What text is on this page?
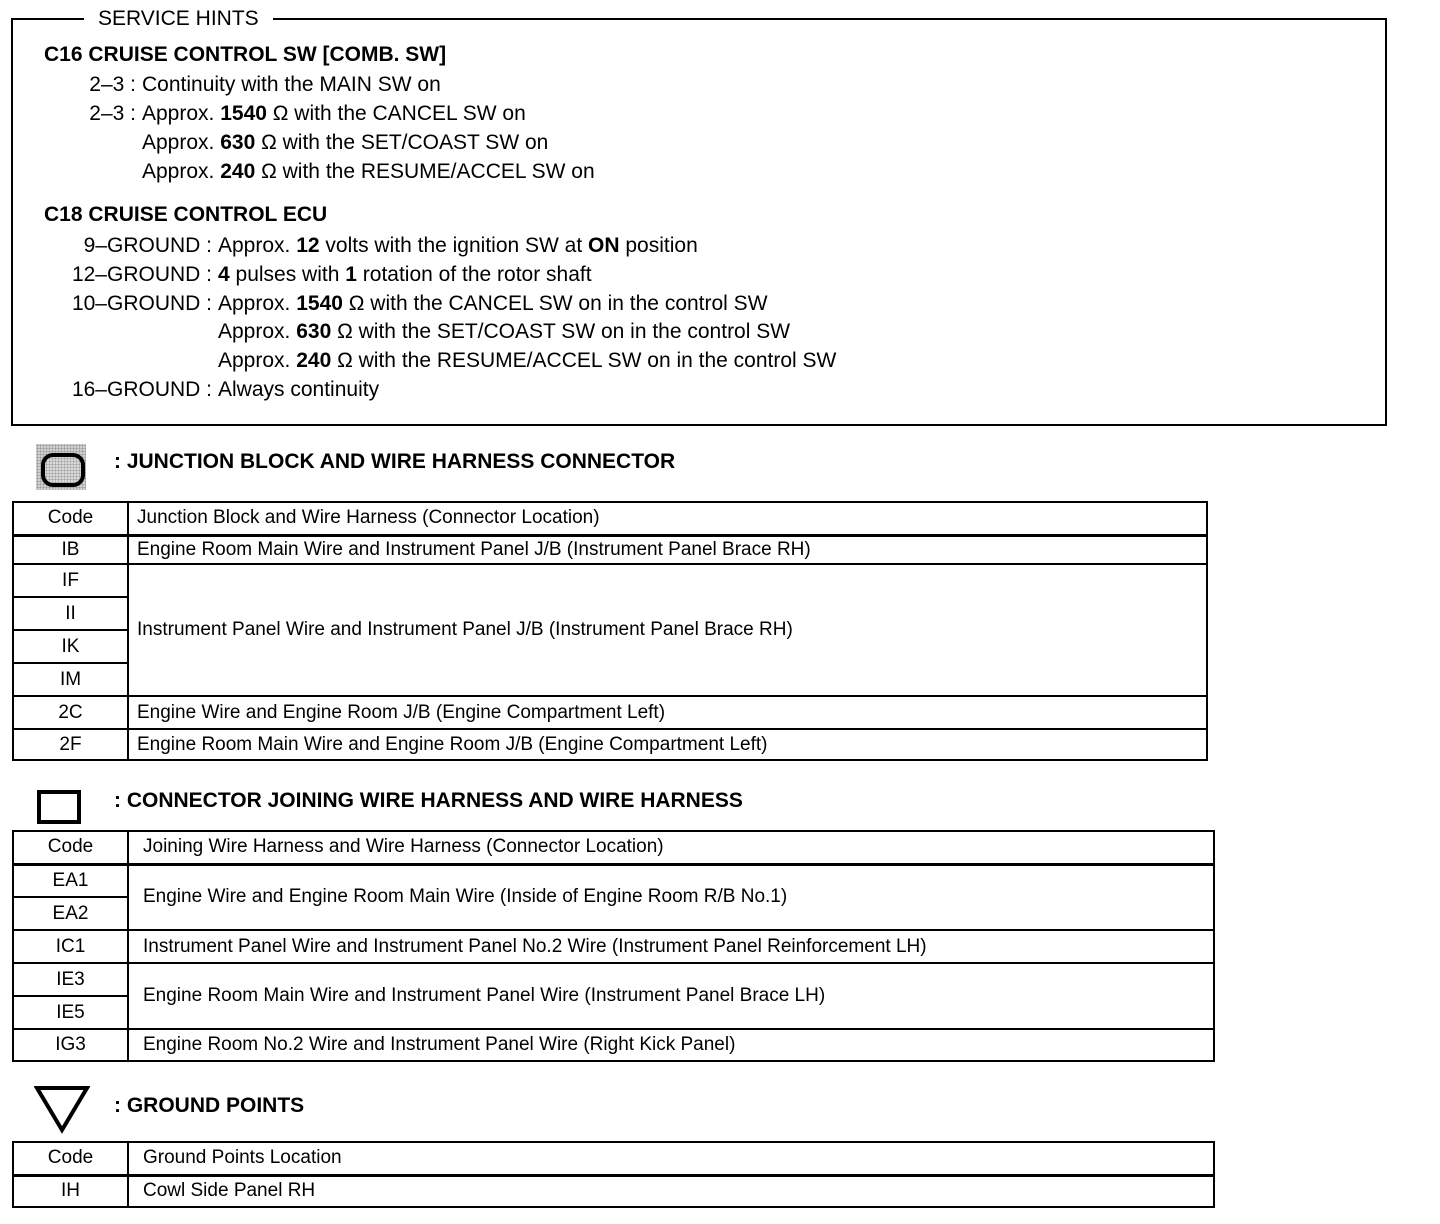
SERVICE HINTS
C16 CRUISE CONTROL SW [COMB. SW]
2–3 : Continuity with the MAIN SW on
2–3 : Approx. 1540 Ω with the CANCEL SW on
Approx. 630 Ω with the SET/COAST SW on
Approx. 240 Ω with the RESUME/ACCEL SW on
C18 CRUISE CONTROL ECU
9–GROUND : Approx. 12 volts with the ignition SW at ON position
12–GROUND : 4 pulses with 1 rotation of the rotor shaft
10–GROUND : Approx. 1540 Ω with the CANCEL SW on in the control SW
Approx. 630 Ω with the SET/COAST SW on in the control SW
Approx. 240 Ω with the RESUME/ACCEL SW on in the control SW
16–GROUND : Always continuity
: JUNCTION BLOCK AND WIRE HARNESS CONNECTOR
Code	Junction Block and Wire Harness (Connector Location)
IB	Engine Room Main Wire and Instrument Panel J/B (Instrument Panel Brace RH)
IF	Instrument Panel Wire and Instrument Panel J/B (Instrument Panel Brace RH)
II	
IK	
IM	
2C	Engine Wire and Engine Room J/B (Engine Compartment Left)
2F	Engine Room Main Wire and Engine Room J/B (Engine Compartment Left)
: CONNECTOR JOINING WIRE HARNESS AND WIRE HARNESS
Code	Joining Wire Harness and Wire Harness (Connector Location)
EA1	Engine Wire and Engine Room Main Wire (Inside of Engine Room R/B No.1)
EA2	
IC1	Instrument Panel Wire and Instrument Panel No.2 Wire (Instrument Panel Reinforcement LH)
IE3	Engine Room Main Wire and Instrument Panel Wire (Instrument Panel Brace LH)
IE5	
IG3	Engine Room No.2 Wire and Instrument Panel Wire (Right Kick Panel)
: GROUND POINTS
Code	Ground Points Location
IH	Cowl Side Panel RH
